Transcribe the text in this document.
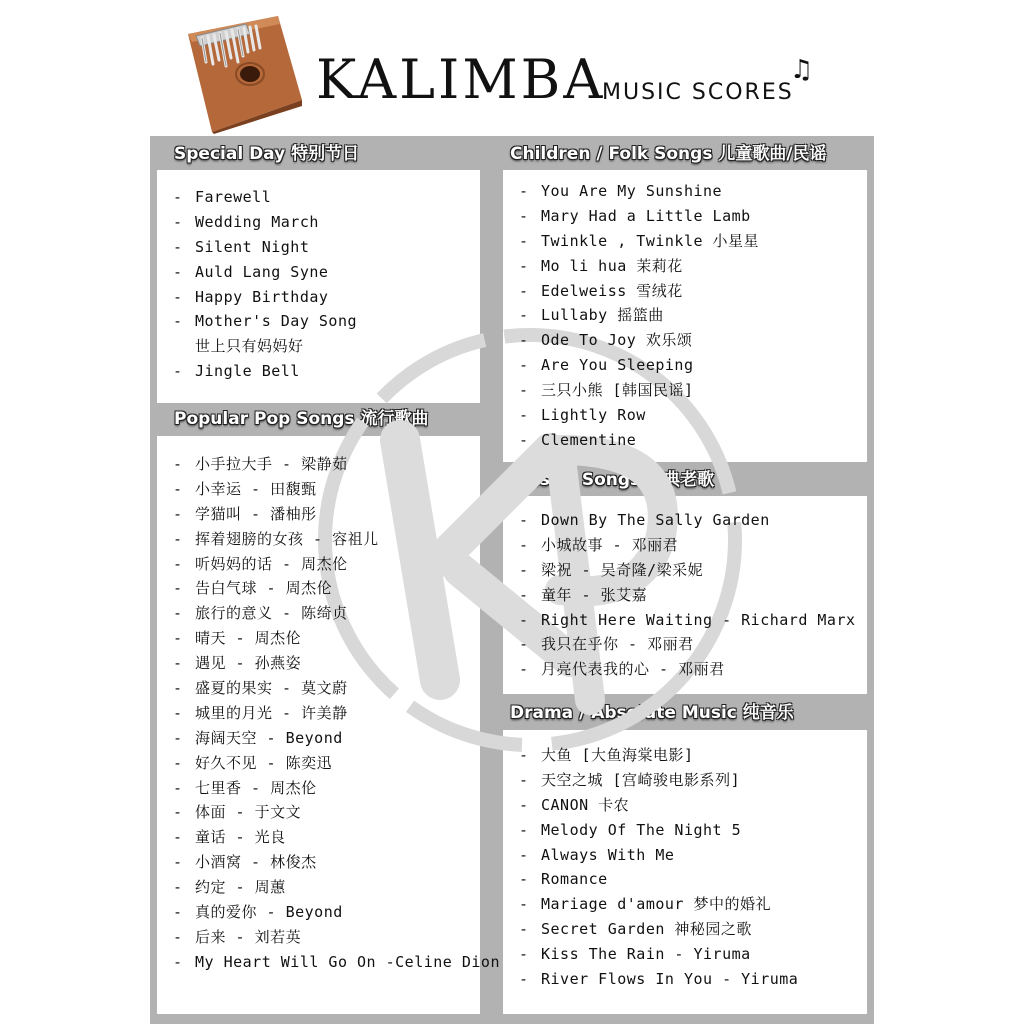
KALIMBA
MUSIC SCORES
♫
Special Day 特别节日	Children / Folk Songs 儿童歌曲/民谣
Popular Pop Songs 流行歌曲
Classic Songs 经典老歌
Drama / Absolute Music 纯音乐
- Farewell
- Wedding March
- Silent Night
- Auld Lang Syne
- Happy Birthday
- Mother's Day Song
世上只有妈妈好
- Jingle Bell
- 小手拉大手 - 梁静茹
- 小幸运 - 田馥甄
- 学猫叫 - 潘柚彤
- 挥着翅膀的女孩 - 容祖儿
- 听妈妈的话 - 周杰伦
- 告白气球 - 周杰伦
- 旅行的意义 - 陈绮贞
- 晴天 - 周杰伦
- 遇见 - 孙燕姿
- 盛夏的果实 - 莫文蔚
- 城里的月光 - 许美静
- 海阔天空 - Beyond
- 好久不见 - 陈奕迅
- 七里香 - 周杰伦
- 体面 - 于文文
- 童话 - 光良
- 小酒窝 - 林俊杰
- 约定 - 周蕙
- 真的爱你 - Beyond
- 后来 - 刘若英
- My Heart Will Go On -Celine Dion
- You Are My Sunshine
- Mary Had a Little Lamb
- Twinkle , Twinkle 小星星
- Mo li hua 茉莉花
- Edelweiss 雪绒花
- Lullaby 摇篮曲
- Ode To Joy 欢乐颂
- Are You Sleeping
- 三只小熊 [韩国民谣]
- Lightly Row
- Clementine
- Down By The Sally Garden
- 小城故事 - 邓丽君
- 梁祝 - 吴奇隆/梁采妮
- 童年 - 张艾嘉
- Right Here Waiting - Richard Marx
- 我只在乎你 - 邓丽君
- 月亮代表我的心 - 邓丽君
- 大鱼 [大鱼海棠电影]
- 天空之城 [宫崎骏电影系列]
- CANON 卡农
- Melody Of The Night 5
- Always With Me
- Romance
- Mariage d'amour 梦中的婚礼
- Secret Garden 神秘园之歌
- Kiss The Rain - Yiruma
- River Flows In You - Yiruma
